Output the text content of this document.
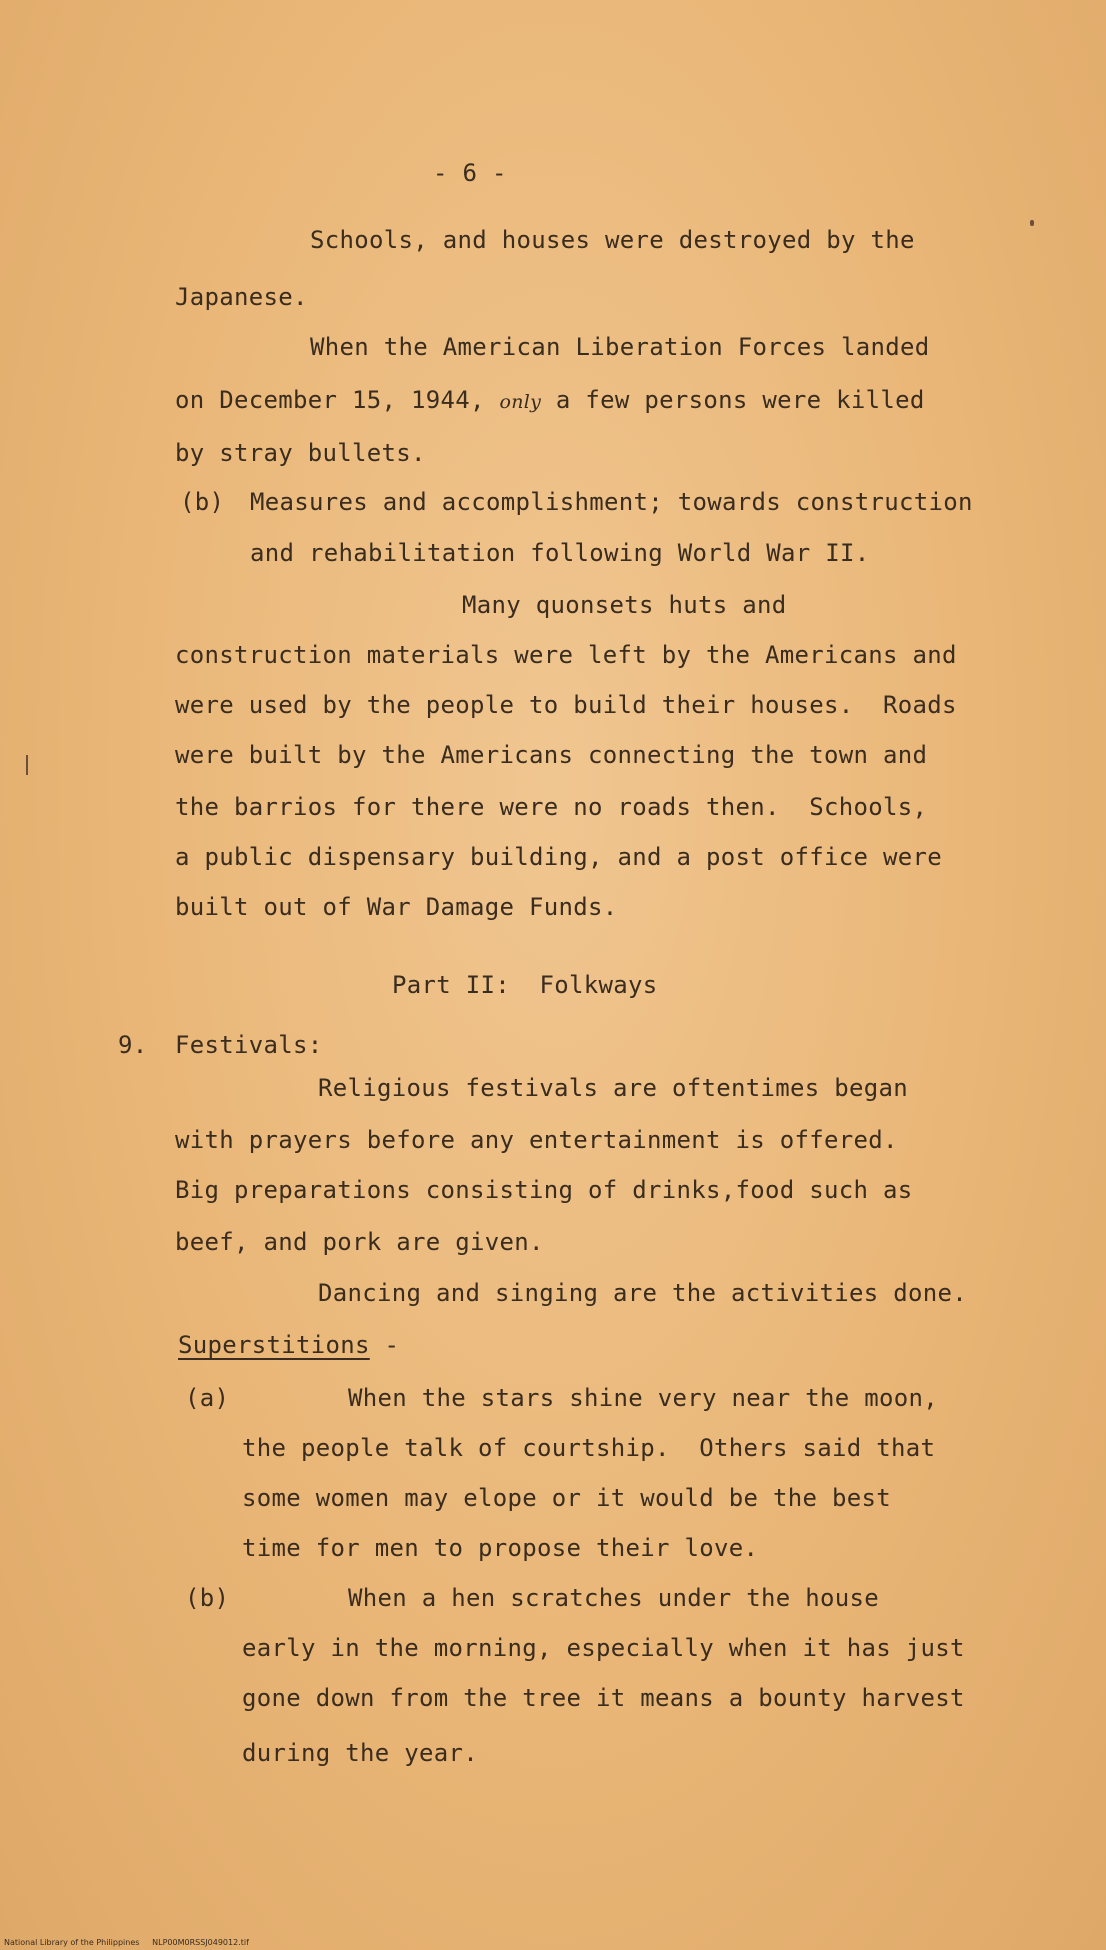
- 6 -
Schools, and houses were destroyed by the
Japanese.
When the American Liberation Forces landed
on December 15, 1944, only a few persons were killed
by stray bullets.
(b) Measures and accomplishment; towards construction
and rehabilitation following World War II.
Many quonsets huts and
construction materials were left by the Americans and
were used by the people to build their houses.  Roads
were built by the Americans connecting the town and
the barrios for there were no roads then.  Schools,
a public dispensary building, and a post office were
built out of War Damage Funds.
Part II:  Folkways
9. Festivals:
Religious festivals are oftentimes began
with prayers before any entertainment is offered.
Big preparations consisting of drinks,food such as
beef, and pork are given.
Dancing and singing are the activities done.
Superstitions -
(a)	When the stars shine very near the moon,
the people talk of courtship.  Others said that
some women may elope or it would be the best
time for men to propose their love.
(b)	When a hen scratches under the house
early in the morning, especially when it has just
gone down from the tree it means a bounty harvest
during the year.
National Library of the Philippines     NLP00M0RSSJ049012.tif
